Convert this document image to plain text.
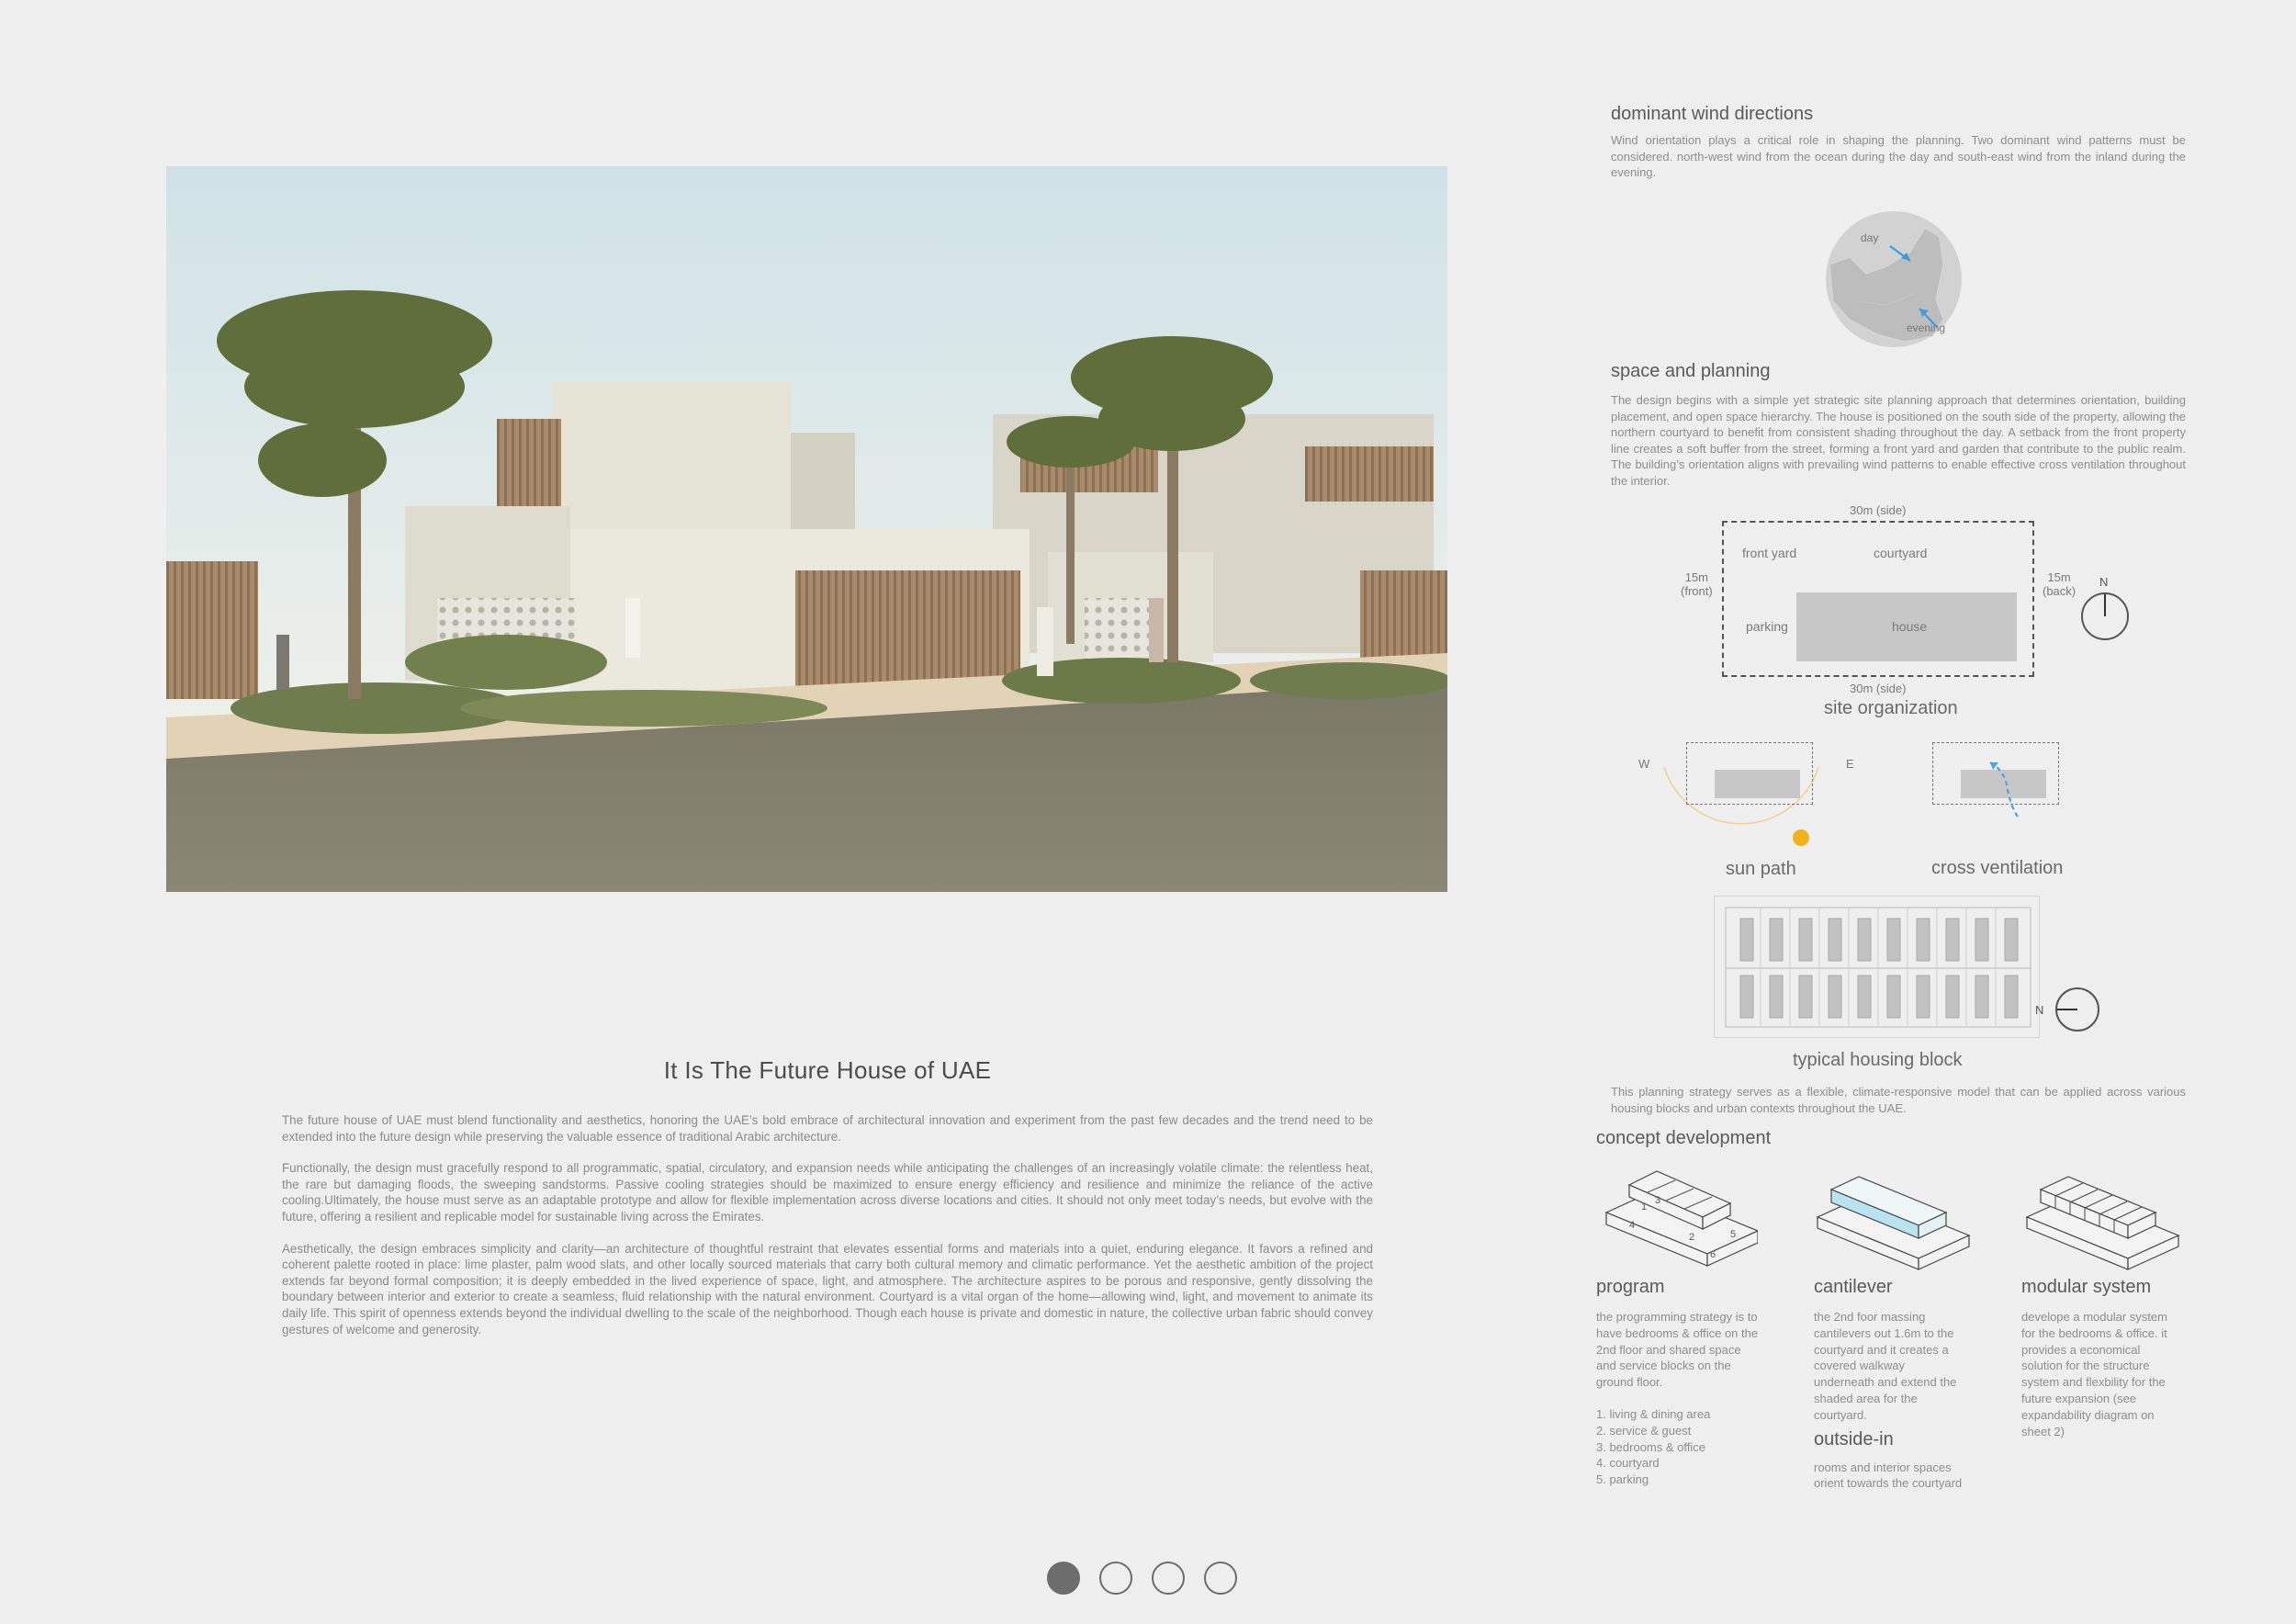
It Is The Future House of UAE

The future house of UAE must blend functionality and aesthetics, honoring the UAE’s bold embrace of architectural innovation and experiment from the past few decades and the trend need to be extended into the future design while preserving the valuable essence of traditional Arabic architecture.

Functionally, the design must gracefully respond to all programmatic, spatial, circulatory, and expansion needs while anticipating the challenges of an increasingly volatile climate: the relentless heat, the rare but damaging floods, the sweeping sandstorms. Passive cooling strategies should be maximized to ensure energy efficiency and resilience and minimize the reliance of the active cooling.Ultimately, the house must serve as an adaptable prototype and allow for flexible implementation across diverse locations and cities. It should not only meet today’s needs, but evolve with the future, offering a resilient and replicable model for sustainable living across the Emirates.

Aesthetically, the design embraces simplicity and clarity—an architecture of thoughtful restraint that elevates essential forms and materials into a quiet, enduring elegance. It favors a refined and coherent palette rooted in place: lime plaster, palm wood slats, and other locally sourced materials that carry both cultural memory and climatic performance. Yet the aesthetic ambition of the project extends far beyond formal composition; it is deeply embedded in the lived experience of space, light, and atmosphere. The architecture aspires to be porous and responsive, gently dissolving the boundary between interior and exterior to create a seamless, fluid relationship with the natural environment. Courtyard is a vital organ of the home—allowing wind, light, and movement to animate its daily life. This spirit of openness extends beyond the individual dwelling to the scale of the neighborhood. Though each house is private and domestic in nature, the collective urban fabric should convey gestures of welcome and generosity.

dominant wind directions
Wind orientation plays a critical role in shaping the planning. Two dominant wind patterns must be considered. north-west wind from the ocean during the day and south-east wind from the inland during the evening.
day
evening
space and planning
The design begins with a simple yet strategic site planning approach that determines orientation, building placement, and open space hierarchy. The house is positioned on the south side of the property, allowing the northern courtyard to benefit from consistent shading throughout the day. A setback from the front property line creates a soft buffer from the street, forming a front yard and garden that contribute to the public realm. The building’s orientation aligns with prevailing wind patterns to enable effective cross ventilation throughout the interior.
30m (side)
front yard	courtyard
parking	house
15m
(front)
15m
(back)
30m (side)
site organization
N
W	E
sun path	cross ventilation
typical housing block
N
This planning strategy serves as a flexible, climate-responsive model that can be applied across various housing blocks and urban contexts throughout the UAE.
concept development
1
2
3
4
5
6
program

the programming strategy is to have bedrooms & office on the 2nd floor and shared space and service blocks on the ground floor.

1. living & dining area
2. service & guest
3. bedrooms & office
4. courtyard
5. parking
cantilever

the 2nd foor massing cantilevers out 1.6m to the courtyard and it creates a covered walkway underneath and extend the shaded area for the courtyard.

outside-in

rooms and interior spaces orient towards the courtyard

modular system

develope a modular system for the bedrooms & office. it provides a economical solution for the structure system and flexbility for the future expansion (see expandability diagram on sheet 2)
